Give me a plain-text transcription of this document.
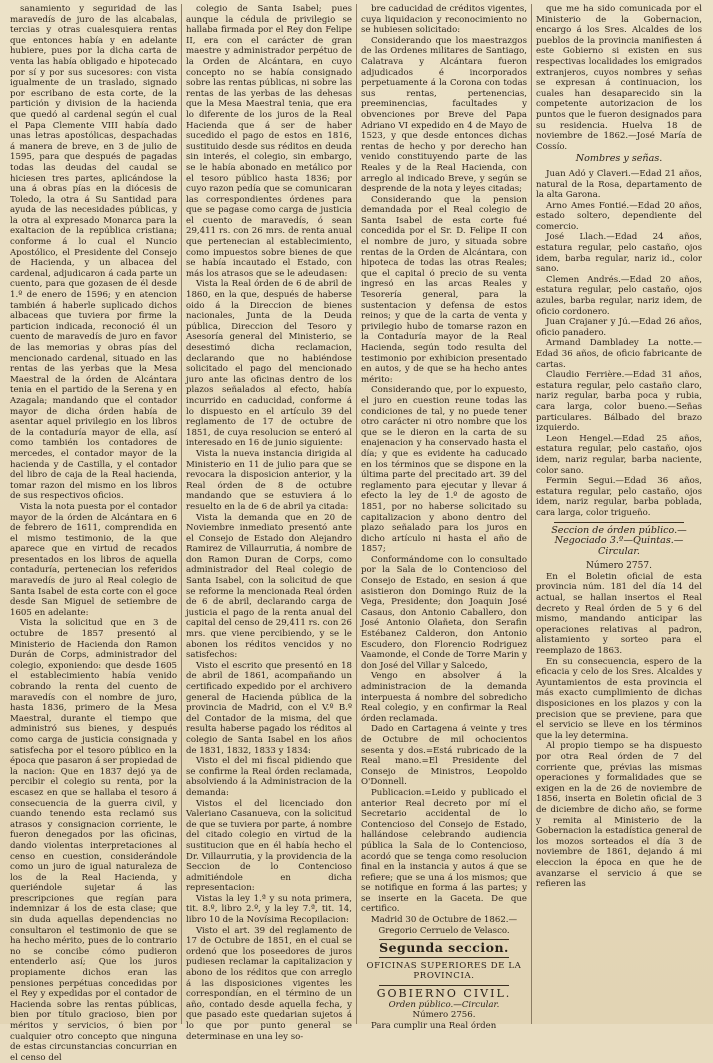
sanamiento y seguridad de las maravedís de juro de las alcabalas, tercias y otras cualesquiera rentas que entonces había y en adelante hubiere, pues por la dicha carta de venta las había obligado e hipotecado por sí y por sus sucesores: con vista igualmente de un traslado, signado por escribano de esta corte, de la partición y division de la hacienda que quedó al cardenal según el cual el Papa Clemente VIII había dado unas letras apostólicas, despachadas á manera de breve, en 3 de julio de 1595, para que después de pagadas todas las deudas del caudal se hiciesen tres partes, aplicándose la una á obras pías en la diócesis de Toledo, la otra á Su Santidad para ayuda de las necesidades públicas, y la otra al expresado Monarca para la exaltacion de la república cristiana; conforme á lo cual el Nuncio Apostólico, el Presidente del Consejo de Hacienda, y un albacea del cardenal, adjudicaron á cada parte un cuento, para que gozasen de él desde 1.º de enero de 1596; y en atencion también á haberle suplicado dichos albaceas que tuviera por firme la particion indicada, reconoció él un cuento de maravedís de juro en favor de las memorias y obras pías del mencionado cardenal, situado en las rentas de las yerbas que la Mesa Maestral de la órden de Alcántara tenia en el partido de la Serena y en Azagala; mandando que el contador mayor de dicha órden había de asentar aquel privilegio en los libros de la contaduría mayor de ella, así como también los contadores de mercedes, el contador mayor de la hacienda y de Castilla, y el contador del libro de caja de la Real hacienda, tomar razon del mismo en los libros de sus respectivos oficios.

Vista la nota puesta por el contador mayor de la órden de Alcántara en 6 de febrero de 1611, comprendida en el mismo testimonio, de la que aparece que en virtud de recados presentados en los libros de aquella contaduría, pertenecian los referidos maravedís de juro al Real colegio de Santa Isabel de esta corte con el goce desde San Miguel de setiembre de 1605 en adelante:

Vista la solicitud que en 3 de octubre de 1857 presentó al Ministerio de Hacienda don Ramon Durán de Corps, administrador del colegio, exponiendo: que desde 1605 el establecimiento había venido cobrando la renta del cuento de maravedís con el nombre de juro, hasta 1836, primero de la Mesa Maestral, durante el tiempo que administró sus bienes, y después como carga de justicia consignada y satisfecha por el tesoro público en la época que pasaron á ser propiedad de la nacion: Que en 1837 dejó ya de percibir el colegio su renta, por la escasez en que se hallaba el tesoro á consecuencia de la guerra civil, y cuando tenendo esta reclamó sus atrasos y consignacion corriente, le fueron denegados por las oficinas, dando violentas interpretaciones al censo en cuestion, considerándole como un juro de igual naturaleza de los de la Real Hacienda, y queriéndole sujetar á las prescripciones que regían para indemnizar á los de esta clase; que sin duda aquellas dependencias no consultaron el testimonio de que se ha hecho mérito, pues de lo contrario no se concibe cómo pudieron entenderlo así; Que los juros propiamente dichos eran las pensiones perpétuas concedidas por el Rey y expedidas por el contador de Hacienda sobre las rentas públicas, bien por título gracioso, bien por méritos y servicios, ó bien por cualquier otro concepto que ninguna de estas circunstancias concurrian en el censo del

colegio de Santa Isabel; pues aunque la cédula de privilegio se hallaba firmada por el Rey don Felipe II, era con el carácter de gran maestre y administrador perpétuo de la Orden de Alcántara, en cuyo concepto no se había consignado sobre las rentas públicas, ni sobre las rentas de las yerbas de las dehesas que la Mesa Maestral tenia, que era lo diferente de los juros de la Real Hacienda que á ser de haber sucedido el pago de estos en 1816, sustituido desde sus réditos en deuda sin interés, el colegio, sin embargo, se le había abonado en metálico por el tesoro público hasta 1836; por cuyo razon pedía que se comunicaran las correspondientes órdenes para que se pagase como carga de justicia el cuento de maravedís, ó sean 29,411 rs. con 26 mrs. de renta anual que pertenecian al establecimiento, como impuestos sobre bienes de que se había incautado el Estado, con más los atrasos que se le adeudasen:

Vista la Real órden de 6 de abril de 1860, en la que, después de haberse oido á la Direccion de bienes nacionales, Junta de la Deuda pública, Direccion del Tesoro y Asesoría general del Ministerio, se desestimó dicha reclamacion, declarando que no habiéndose solicitado el pago del mencionado juro ante las oficinas dentro de los plazos señalados al efecto, había incurrido en caducidad, conforme á lo dispuesto en el artículo 39 del reglamento de 17 de octubre de 1851, de cuya resolucion se enteró al interesado en 16 de junio siguiente:

Vista la nueva instancia dirigida al Ministerio en 11 de julio para que se revocara la disposicion anterior, y la Real órden de 8 de octubre mandando que se estuviera á lo resuelto en la de 6 de abril ya citada:

Vista la demanda que en 20 de Noviembre inmediato presentó ante el Consejo de Estado don Alejandro Ramirez de Villaurrutia, á nombre de don Ramon Duran de Corps, como administrador del Real colegio de Santa Isabel, con la solicitud de que se reforme la mencionada Real órden de 6 de abril, declarando carga de justicia el pago de la renta anual del capital del censo de 29,411 rs. con 26 mrs. que viene percibiendo, y se le abonen los réditos vencidos y no satisfechos:

Visto el escrito que presentó en 18 de abril de 1861, acompañando un certificado expedido por el archivero general de Hacienda pública de la provincia de Madrid, con el V.º B.º del Contador de la misma, del que resulta haberse pagado los réditos al colegio de Santa Isabel en los años de 1831, 1832, 1833 y 1834:

Visto el del mi fiscal pidiendo que se confirme la Real órden reclamada, absolviendo á la Administracion de la demanda:

Vistos el del licenciado don Valeriano Casanueva, con la solicitud de que se tuviera por parte, á nombre del citado colegio en virtud de la sustitucion que en él había hecho el Dr. Villaurrutia, y la providencia de la Seccion de lo Contencioso admitiéndole en dicha representacion:

Vistas la ley 1.ª y su nota primera, tit. 8.º, libro 2.º, y la ley 7.ª, tit. 14, libro 10 de la Novísima Recopilacion:

Visto el art. 39 del reglamento de 17 de Octubre de 1851, en el cual se ordenó que los poseedores de juros pudiesen reclamar la capitalizacion y abono de los réditos que con arreglo á las disposiciones vigentes les correspondían, en el término de un año, contado desde aquella fecha, y que pasado este quedarian sujetos á lo que por punto general se determinase en una ley so-

bre caducidad de créditos vigentes, cuya liquidacion y reconocimiento no se hubiesen solicitado:

Considerando que los maestrazgos de las Ordenes militares de Santiago, Calatrava y Alcántara fueron adjudicados é incorporados perpetuamente á la Corona con todas sus rentas, pertenencias, preeminencias, facultades y obvenciones por Breve del Papa Adriano VI expedido en 4 de Mayo de 1523, y que desde entonces dichas rentas de hecho y por derecho han venido constituyendo parte de las Reales y de la Real Hacienda, con arreglo al indicado Breve, y según se desprende de la nota y leyes citadas;

Considerando que la pension demandada por el Real colegio de Santa Isabel de esta corte fué concedida por el Sr. D. Felipe II con el nombre de juro, y situada sobre rentas de la Orden de Alcántara, con hipoteca de todas las otras Reales; que el capital ó precio de su venta ingresó en las arcas Reales y Tesorería general, para la sustentacion y defensa de estos reinos; y que de la carta de venta y privilegio hubo de tomarse razon en la Contaduría mayor de la Real Hacienda, según todo resulta del testimonio por exhibicion presentado en autos, y de que se ha hecho antes mérito:

Considerando que, por lo expuesto, el juro en cuestion reune todas las condiciones de tal, y no puede tener otro carácter ni otro nombre que los que se le dieron en la carta de su enajenacion y ha conservado hasta el día; y que es evidente ha caducado en los términos que se dispone en la última parte del precitado art. 39 del reglamento para ejecutar y llevar á efecto la ley de 1.º de agosto de 1851, por no haberse solicitado su capitalizacion y abono dentro del plazo señalado para los juros en dicho artículo ni hasta el año de 1857;

Conformándome con lo consultado por la Sala de lo Contencioso del Consejo de Estado, en sesion á que asistieron don Domingo Ruiz de la Vega, Presidente; don Joaquin José Casaus, don Antonio Caballero, don José Antonio Olañeta, don Serafin Estébanez Calderon, don Antonio Escudero, don Florencio Rodriguez Vaamonde, el Conde de Torre Marin y don José del Villar y Salcedo,

Vengo en absolver á la administracion de la demanda interpuesta á nombre del sobredicho Real colegio, y en confirmar la Real órden reclamada.

Dado en Cartagena á veinte y tres de Octubre de mil ochocientos sesenta y dos.=Está rubricado de la Real mano.=El Presidente del Consejo de Ministros, Leopoldo O'Donnell.

Publicacion.=Leido y publicado el anterior Real decreto por mí el Secretario accidental de lo Contencioso del Consejo de Estado, hallándose celebrando audiencia pública la Sala de lo Contencioso, acordó que se tenga como resolucion final en la instancia y autos á que se refiere; que se una á los mismos; que se notifique en forma á las partes; y se inserte en la Gaceta. De que certifico.

Madrid 30 de Octubre de 1862.—Gregorio Cerruelo de Velasco.

Segunda seccion.

OFICINAS SUPERIORES DE LA

PROVINCIA.

GOBIERNO CIVIL.

Orden público.—Circular.

Número 2756.

Para cumplir una Real órden

que me ha sido comunicada por el Ministerio de la Gobernacion, encargo á los Sres. Alcaldes de los pueblos de la provincia manifiesten á este Gobierno si existen en sus respectivas localidades los emigrados extranjeros, cuyos nombres y señas se expresan á continuacion, los cuales han desaparecido sin la competente autorizacion de los puntos que le fueron designados para su residencia. Huelva 18 de noviembre de 1862.—José María de Cossío.

Nombres y señas.

Juan Adó y Claveri.—Edad 21 años, natural de la Rosa, departamento de la alta Garona.

Arno Ames Fontié.—Edad 20 años, estado soltero, dependiente del comercio.

José Llach.—Edad 24 años, estatura regular, pelo castaño, ojos idem, barba regular, nariz id., color sano.

Clemen Andrés.—Edad 20 años, estatura regular, pelo castaño, ojos azules, barba regular, nariz idem, de oficio cordonero.

Juan Crajaner y Jú.—Edad 26 años, oficio panadero.

Armand Dambladey La notte.—Edad 36 años, de oficio fabricante de cartas.

Claudio Ferrière.—Edad 31 años, estatura regular, pelo castaño claro, nariz regular, barba poca y rubia, cara larga, color bueno.—Señas particulares. Bálbado del brazo izquierdo.

Leon Hengel.—Edad 25 años, estatura regular, pelo castaño, ojos idem, nariz regular, barba naciente, color sano.

Fermin Segui.—Edad 36 años, estatura regular, pelo castaño, ojos idem, nariz regular, barba poblada, cara larga, color trigueño.

Seccion de órden público.—Negociado 3.º—Quintas.—Circular.

Número 2757.

En el Boletin oficial de esta provincia núm. 181 del día 14 del actual, se hallan insertos el Real decreto y Real órden de 5 y 6 del mismo, mandando anticipar las operaciones relativas al padron, alistamiento y sorteo para el reemplazo de 1863.

En su consecuencia, espero de la eficacia y celo de los Sres. Alcaldes y Ayuntamientos de esta provincia el más exacto cumplimiento de dichas disposiciones en los plazos y con la precision que se previene, para que el servicio se lleve en los términos que la ley determina.

Al propio tiempo se ha dispuesto por otra Real órden de 7 del corriente que, prévias las mismas operaciones y formalidades que se exigen en la de 26 de noviembre de 1856, inserta en Boletin oficial de 3 de diciembre de dicho año, se forme y remita al Ministerio de la Gobernacion la estadística general de los mozos sorteados el día 3 de noviembre de 1861, dejando á mi eleccion la época en que he de avanzarse el servicio á que se refieren las
